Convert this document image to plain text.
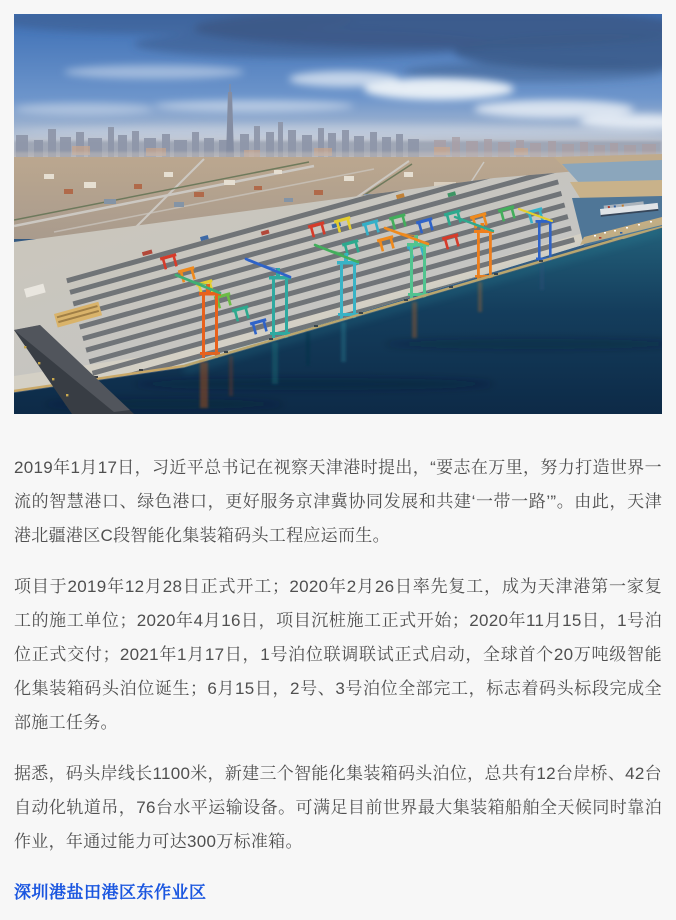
2019年1月17日，习近平总书记在视察天津港时提出，“要志在万里，努力打造世界一流的智慧港口、绿色港口，更好服务京津冀协同发展和共建‘一带一路’”。由此，天津港北疆港区C段智能化集装箱码头工程应运而生。

项目于2019年12月28日正式开工；2020年2月26日率先复工，成为天津港第一家复工的施工单位；2020年4月16日，项目沉桩施工正式开始；2020年11月15日，1号泊位正式交付；2021年1月17日，1号泊位联调联试正式启动，全球首个20万吨级智能化集装箱码头泊位诞生；6月15日，2号、3号泊位全部完工，标志着码头标段完成全部施工任务。

据悉，码头岸线长1100米，新建三个智能化集装箱码头泊位，总共有12台岸桥、42台自动化轨道吊，76台水平运输设备。可满足目前世界最大集装箱船舶全天候同时靠泊作业，年通过能力可达300万标准箱。

深圳港盐田港区东作业区
